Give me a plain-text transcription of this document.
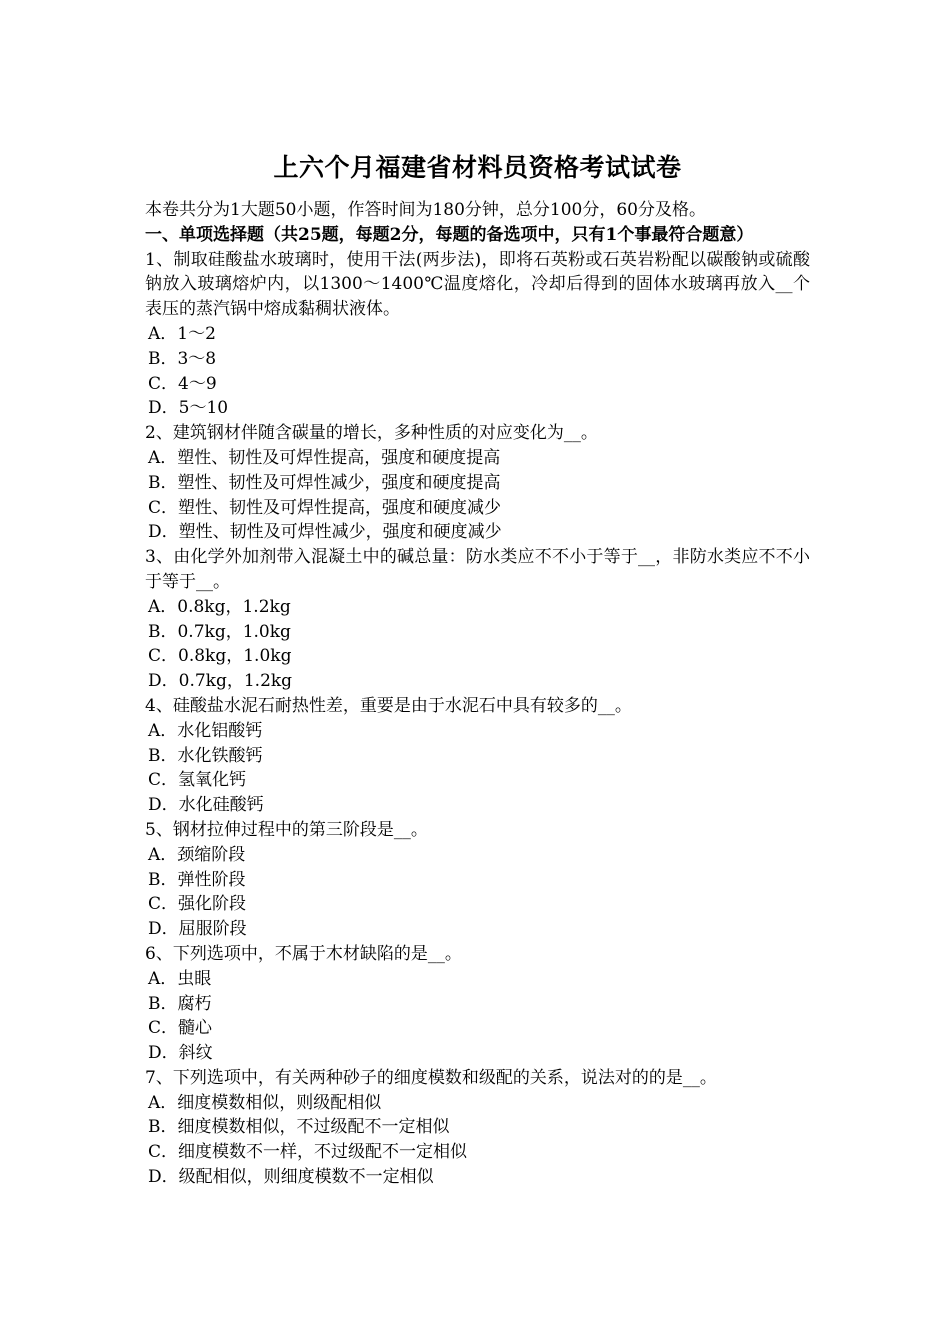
上六个月福建省材料员资格考试试卷

本卷共分为1大题50小题，作答时间为180分钟，总分100分，60分及格。

一、单项选择题（共25题，每题2分，每题的备选项中，只有1个事最符合题意）

1、制取硅酸盐水玻璃时，使用干法(两步法)，即将石英粉或石英岩粉配以碳酸钠或硫酸钠放入玻璃熔炉内，以1300～1400℃温度熔化，冷却后得到的固体水玻璃再放入__个表压的蒸汽锅中熔成黏稠状液体。

A．1～2

B．3～8

C．4～9

D．5～10

2、建筑钢材伴随含碳量的增长，多种性质的对应变化为__。

A．塑性、韧性及可焊性提高，强度和硬度提高

B．塑性、韧性及可焊性减少，强度和硬度提高

C．塑性、韧性及可焊性提高，强度和硬度减少

D．塑性、韧性及可焊性减少，强度和硬度减少

3、由化学外加剂带入混凝土中的碱总量：防水类应不不小于等于__，非防水类应不不小于等于__。

A．0.8kg，1.2kg

B．0.7kg，1.0kg

C．0.8kg，1.0kg

D．0.7kg，1.2kg

4、硅酸盐水泥石耐热性差，重要是由于水泥石中具有较多的__。

A．水化铝酸钙

B．水化铁酸钙

C．氢氧化钙

D．水化硅酸钙

5、钢材拉伸过程中的第三阶段是__。

A．颈缩阶段

B．弹性阶段

C．强化阶段

D．屈服阶段

6、下列选项中，不属于木材缺陷的是__。

A．虫眼

B．腐朽

C．髓心

D．斜纹

7、下列选项中，有关两种砂子的细度模数和级配的关系，说法对的的是__。

A．细度模数相似，则级配相似

B．细度模数相似，不过级配不一定相似

C．细度模数不一样，不过级配不一定相似

D．级配相似，则细度模数不一定相似
